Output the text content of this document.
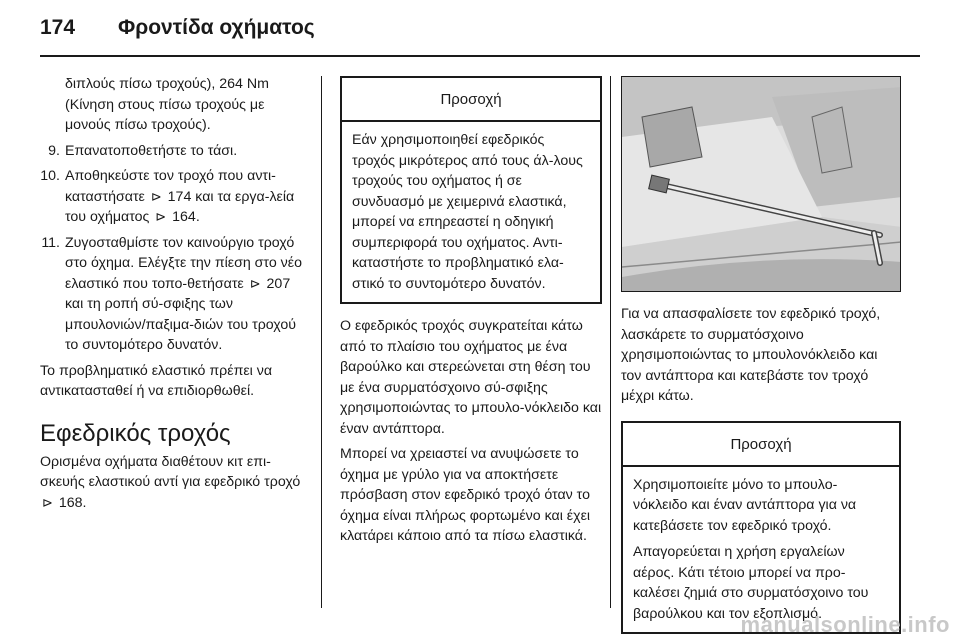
174	Φροντίδα οχήματος
διπλούς πίσω τροχούς), 264 Nm (Κίνηση στους πίσω τροχούς με μονούς πίσω τροχούς).
9. Επανατοποθετήστε το τάσι.
10. Αποθηκεύστε τον τροχό που αντι-καταστήσατε ⊳ 174 και τα εργα-λεία του οχήματος ⊳ 164.
11. Ζυγοσταθμίστε τον καινούργιο τροχό στο όχημα. Ελέγξτε την πίεση στο νέο ελαστικό που τοπο-θετήσατε ⊳ 207 και τη ροπή σύ-σφιξης των μπουλονιών/παξιμα-διών του τροχού το συντομότερο δυνατόν.
Το προβληματικό ελαστικό πρέπει να αντικατασταθεί ή να επιδιορθωθεί.
Εφεδρικός τροχός
Ορισμένα οχήματα διαθέτουν κιτ επι-σκευής ελαστικού αντί για εφεδρικό τροχό ⊳ 168.
Προσοχή

Εάν χρησιμοποιηθεί εφεδρικός τροχός μικρότερος από τους άλ-λους τροχούς του οχήματος ή σε συνδυασμό με χειμερινά ελαστικά, μπορεί να επηρεαστεί η οδηγική συμπεριφορά του οχήματος. Αντι-καταστήστε το προβληματικό ελα-στικό το συντομότερο δυνατόν.

Ο εφεδρικός τροχός συγκρατείται κάτω από το πλαίσιο του οχήματος με ένα βαρούλκο και στερεώνεται στη θέση του με ένα συρματόσχοινο σύ-σφιξης χρησιμοποιώντας το μπουλο-νόκλειδο και έναν αντάπτορα.
Μπορεί να χρειαστεί να ανυψώσετε το όχημα με γρύλο για να αποκτήσετε πρόσβαση στον εφεδρικό τροχό όταν το όχημα είναι πλήρως φορτωμένο και έχει κλατάρει κάποιο από τα πίσω ελαστικά.
Για να απασφαλίσετε τον εφεδρικό τροχό, λασκάρετε το συρματόσχοινο χρησιμοποιώντας το μπουλονόκλειδο και τον αντάπτορα και κατεβάστε τον τροχό μέχρι κάτω.
Προσοχή

Χρησιμοποιείτε μόνο το μπουλο-νόκλειδο και έναν αντάπτορα για να κατεβάσετε τον εφεδρικό τροχό.

Απαγορεύεται η χρήση εργαλείων αέρος. Κάτι τέτοιο μπορεί να προ-καλέσει ζημιά στο συρματόσχοινο του βαρούλκου και τον εξοπλισμό.

manualsonline.info
